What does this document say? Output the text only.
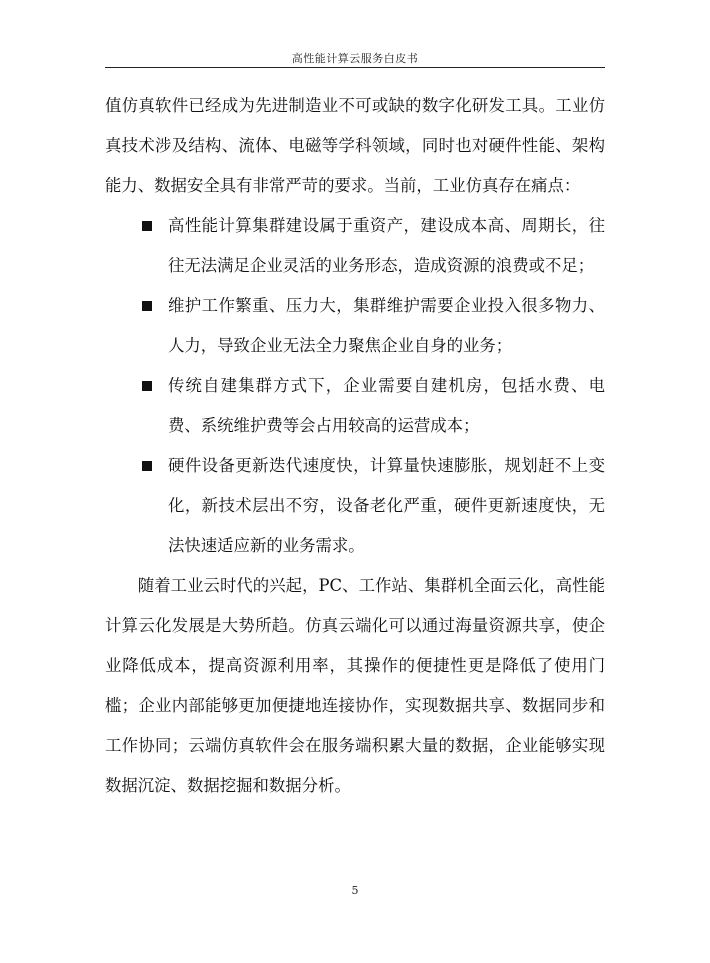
高性能计算云服务白皮书

值仿真软件已经成为先进制造业不可或缺的数字化研发工具。工业仿真技术涉及结构、流体、电磁等学科领域，同时也对硬件性能、架构能力、数据安全具有非常严苛的要求。当前，工业仿真存在痛点：

高性能计算集群建设属于重资产，建设成本高、周期长，往往无法满足企业灵活的业务形态，造成资源的浪费或不足；
维护工作繁重、压力大，集群维护需要企业投入很多物力、人力，导致企业无法全力聚焦企业自身的业务；
传统自建集群方式下，企业需要自建机房，包括水费、电费、系统维护费等会占用较高的运营成本；
硬件设备更新迭代速度快，计算量快速膨胀，规划赶不上变化，新技术层出不穷，设备老化严重，硬件更新速度快，无法快速适应新的业务需求。

随着工业云时代的兴起，PC、工作站、集群机全面云化，高性能计算云化发展是大势所趋。仿真云端化可以通过海量资源共享，使企业降低成本，提高资源利用率，其操作的便捷性更是降低了使用门槛；企业内部能够更加便捷地连接协作，实现数据共享、数据同步和工作协同；云端仿真软件会在服务端积累大量的数据，企业能够实现数据沉淀、数据挖掘和数据分析。

5
